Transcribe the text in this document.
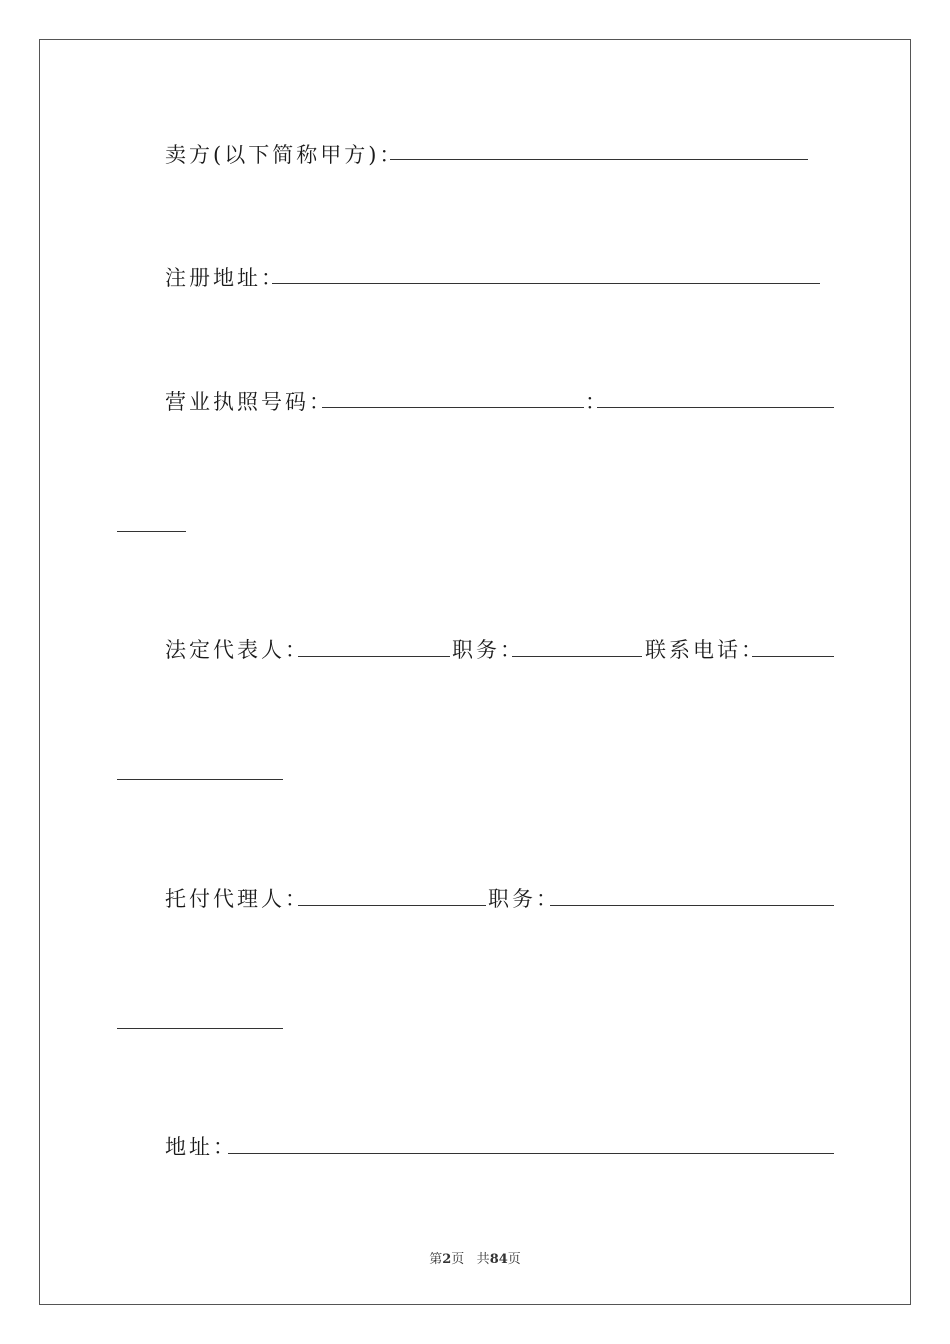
卖方(以下简称甲方)：
注册地址：
营业执照号码：	：
法定代表人：	职务：	联系电话：
托付代理人：	职务：
地址：
第2页 共84页
